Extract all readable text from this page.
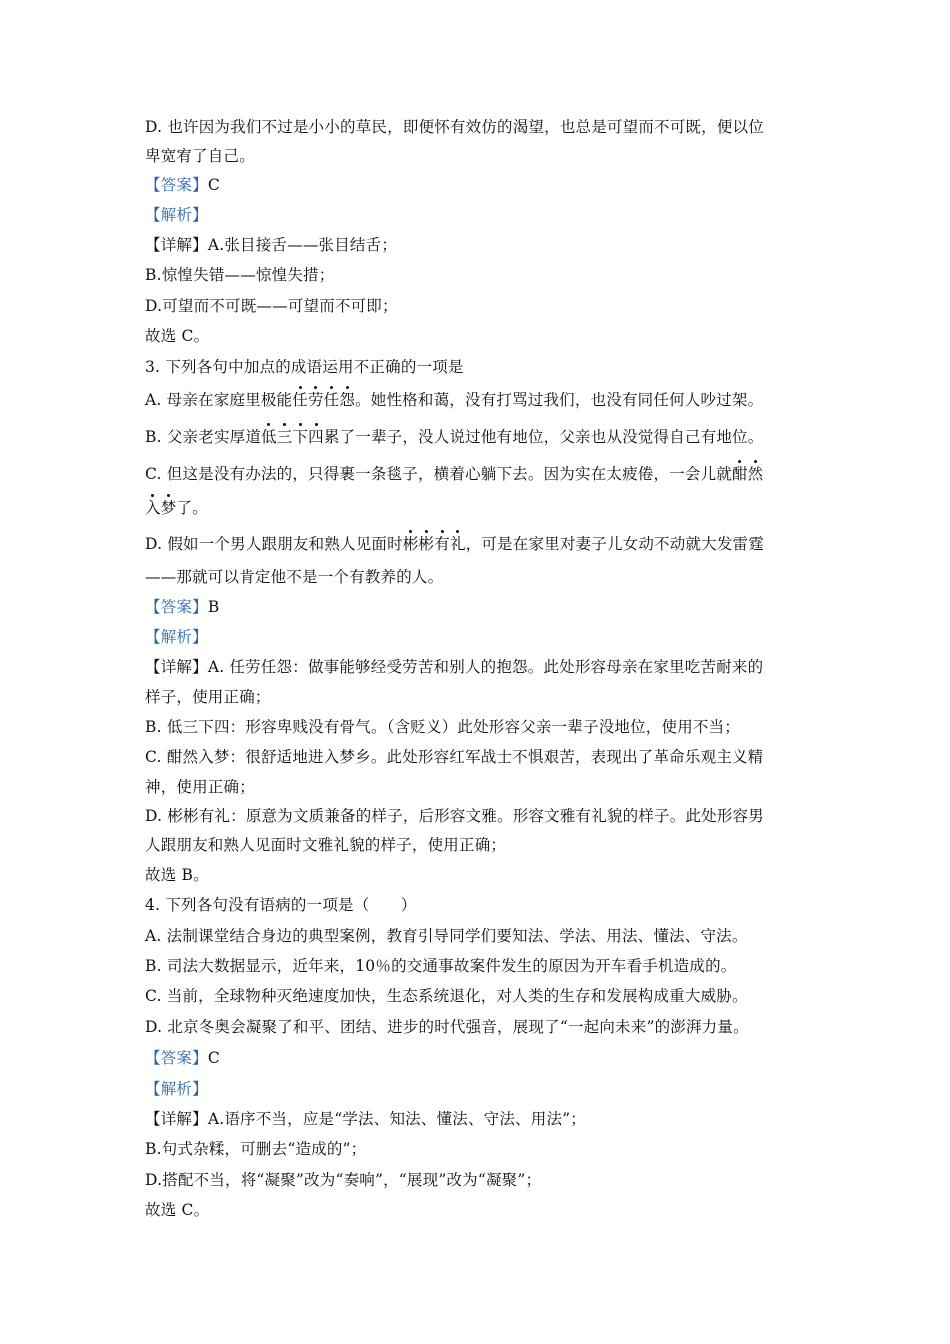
D. 也许因为我们不过是小小的草民，即便怀有效仿的渴望，也总是可望而不可既，便以位
卑宽宥了自己。
【答案】C
【解析】
【详解】A.张目接舌——张目结舌；
B.惊惶失错——惊惶失措；
D.可望而不可既——可望而不可即；
故选 C。
3. 下列各句中加点的成语运用不正确的一项是
A. 母亲在家庭里极能任劳任怨。她性格和蔼，没有打骂过我们，也没有同任何人吵过架。
B. 父亲老实厚道低三下四累了一辈子，没人说过他有地位，父亲也从没觉得自己有地位。
C. 但这是没有办法的，只得裹一条毯子，横着心躺下去。因为实在太疲倦，一会儿就酣然
入梦了。
D. 假如一个男人跟朋友和熟人见面时彬彬有礼，可是在家里对妻子儿女动不动就大发雷霆
——那就可以肯定他不是一个有教养的人。
【答案】B
【解析】
【详解】A. 任劳任怨：做事能够经受劳苦和别人的抱怨。此处形容母亲在家里吃苦耐来的
样子，使用正确；
B. 低三下四：形容卑贱没有骨气。（含贬义）此处形容父亲一辈子没地位，使用不当；
C. 酣然入梦：很舒适地进入梦乡。此处形容红军战士不惧艰苦，表现出了革命乐观主义精
神，使用正确；
D. 彬彬有礼：原意为文质兼备的样子，后形容文雅。形容文雅有礼貌的样子。此处形容男
人跟朋友和熟人见面时文雅礼貌的样子，使用正确；
故选 B。
4. 下列各句没有语病的一项是（　　）
A. 法制课堂结合身边的典型案例，教育引导同学们要知法、学法、用法、懂法、守法。
B. 司法大数据显示，近年来，10％的交通事故案件发生的原因为开车看手机造成的。
C. 当前，全球物种灭绝速度加快，生态系统退化，对人类的生存和发展构成重大威胁。
D. 北京冬奥会凝聚了和平、团结、进步的时代强音，展现了“一起向未来”的澎湃力量。
【答案】C
【解析】
【详解】A.语序不当，应是“学法、知法、懂法、守法、用法”；
B.句式杂糅，可删去“造成的”；
D.搭配不当，将“凝聚”改为“奏响”，“展现”改为“凝聚”；
故选 C。
